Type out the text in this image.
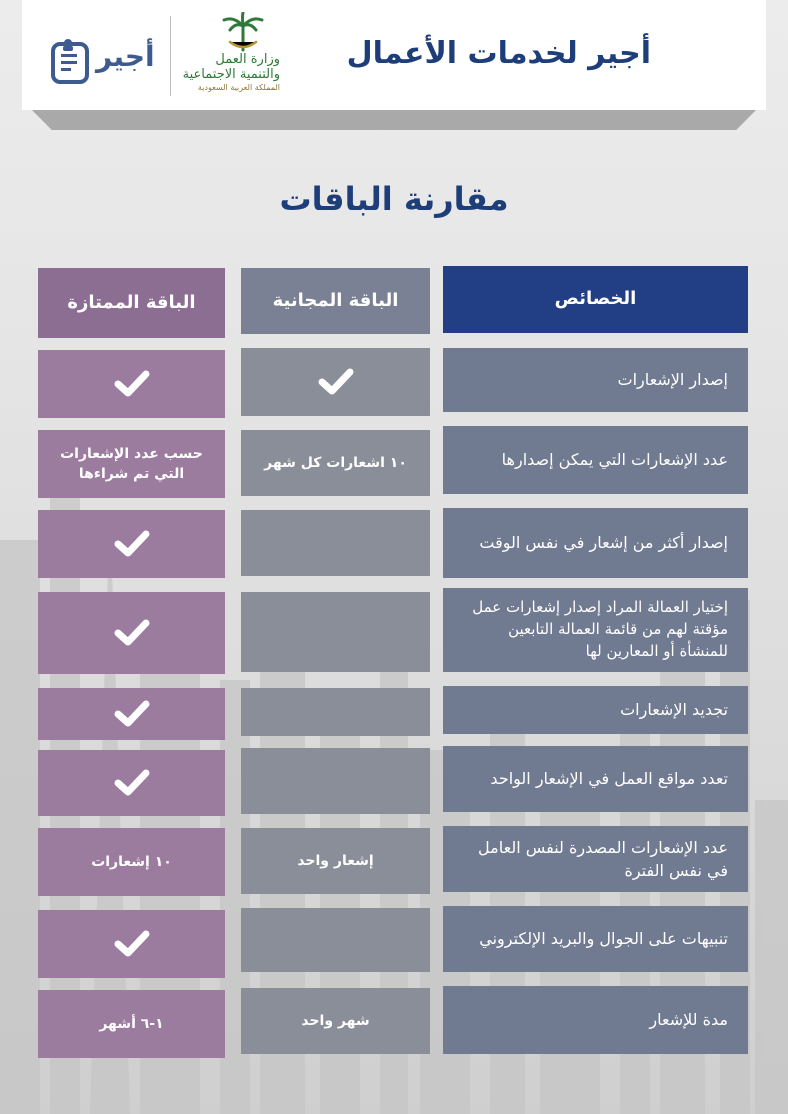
أجير لخدمات الأعمال
وزارة العمل
والتنمية الاجتماعية
المملكة العربية السعودية
أجير
مقارنة الباقات
الخصائص
الباقة المجانية
الباقة الممتازة
إصدار الإشعارات
عدد الإشعارات التي يمكن إصدارها
١٠ اشعارات كل شهر
حسب عدد الإشعارات التي تم شراءها
إصدار أكثر من إشعار في نفس الوقت
إختيار العمالة المراد إصدار إشعارات عمل مؤقتة لهم من قائمة العمالة التابعين للمنشأة أو المعارين لها
تجديد الإشعارات
تعدد مواقع العمل في الإشعار الواحد
عدد الإشعارات المصدرة لنفس العامل في نفس الفترة
إشعار واحد
١٠ إشعارات
تنبيهات على الجوال والبريد الإلكتروني
مدة للإشعار
شهر واحد
١-٦ أشهر
